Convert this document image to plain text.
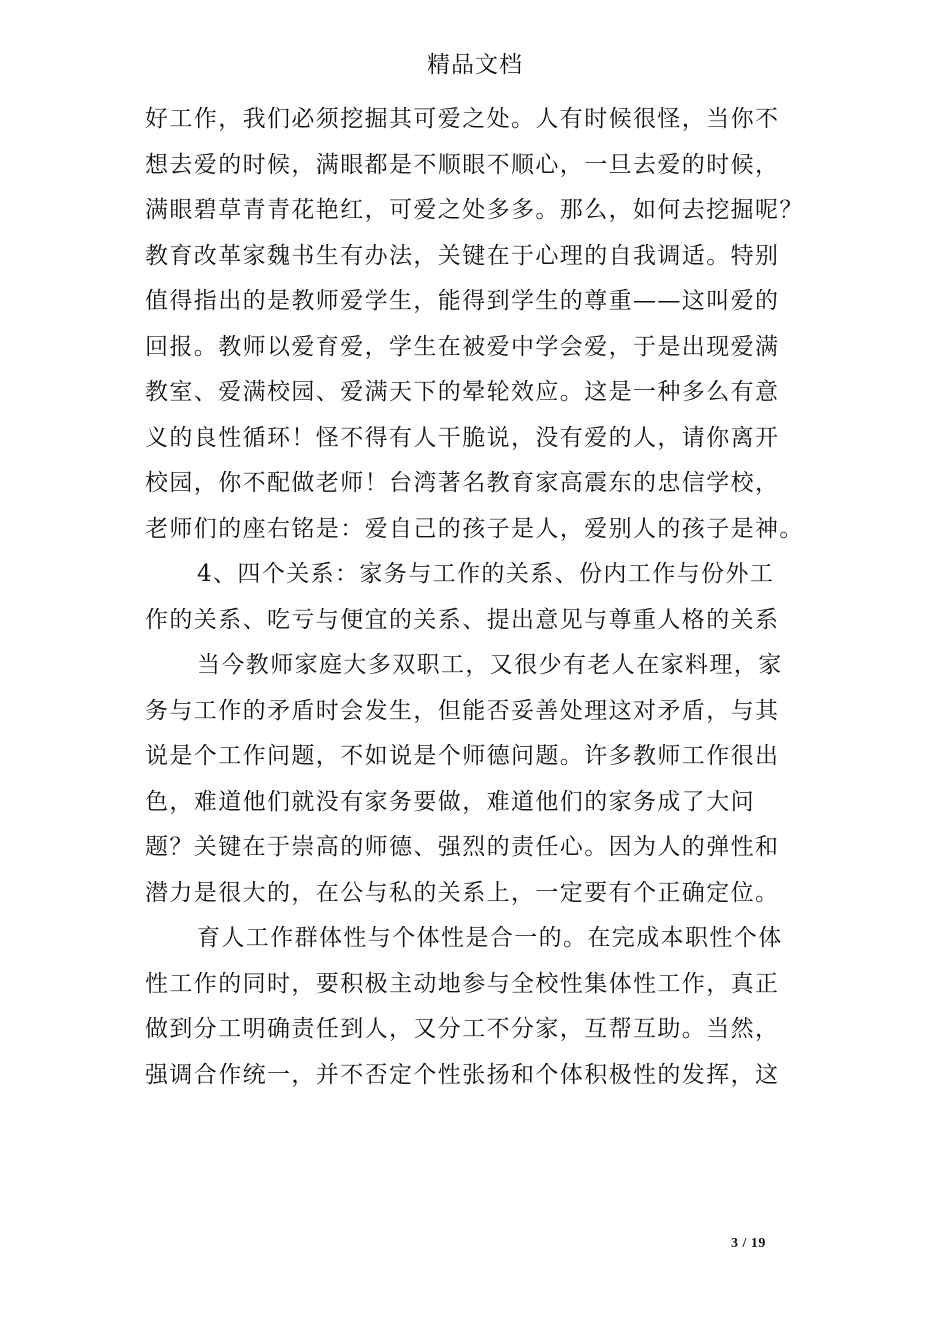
精品文档
好工作，我们必须挖掘其可爱之处。人有时候很怪，当你不
想去爱的时候，满眼都是不顺眼不顺心，一旦去爱的时候，
满眼碧草青青花艳红，可爱之处多多。那么，如何去挖掘呢？
教育改革家魏书生有办法，关键在于心理的自我调适。特别
值得指出的是教师爱学生，能得到学生的尊重——这叫爱的
回报。教师以爱育爱，学生在被爱中学会爱，于是出现爱满
教室、爱满校园、爱满天下的晕轮效应。这是一种多么有意
义的良性循环！怪不得有人干脆说，没有爱的人，请你离开
校园，你不配做老师！台湾著名教育家高震东的忠信学校，
老师们的座右铭是：爱自己的孩子是人，爱别人的孩子是神。
4、四个关系：家务与工作的关系、份内工作与份外工
作的关系、吃亏与便宜的关系、提出意见与尊重人格的关系
当今教师家庭大多双职工，又很少有老人在家料理，家
务与工作的矛盾时会发生，但能否妥善处理这对矛盾，与其
说是个工作问题，不如说是个师德问题。许多教师工作很出
色，难道他们就没有家务要做，难道他们的家务成了大问
题？关键在于崇高的师德、强烈的责任心。因为人的弹性和
潜力是很大的，在公与私的关系上，一定要有个正确定位。
育人工作群体性与个体性是合一的。在完成本职性个体
性工作的同时，要积极主动地参与全校性集体性工作，真正
做到分工明确责任到人，又分工不分家，互帮互助。当然，
强调合作统一，并不否定个性张扬和个体积极性的发挥，这
3 / 19
